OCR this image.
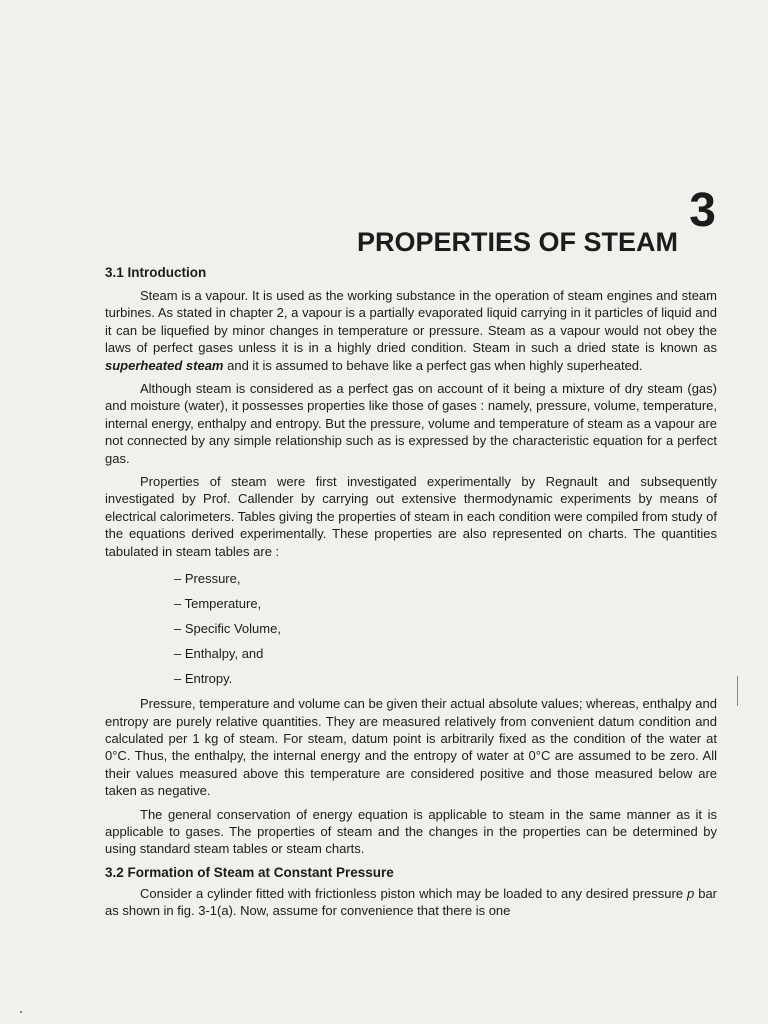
3
PROPERTIES OF STEAM
3.1 Introduction

Steam is a vapour. It is used as the working substance in the operation of steam engines and steam turbines. As stated in chapter 2, a vapour is a partially evaporated liquid carrying in it particles of liquid and it can be liquefied by minor changes in temperature or pressure. Steam as a vapour would not obey the laws of perfect gases unless it is in a highly dried condition. Steam in such a dried state is known as superheated steam and it is assumed to behave like a perfect gas when highly superheated.

Although steam is considered as a perfect gas on account of it being a mixture of dry steam (gas) and moisture (water), it possesses properties like those of gases : namely, pressure, volume, temperature, internal energy, enthalpy and entropy. But the pressure, volume and temperature of steam as a vapour are not connected by any simple relationship such as is expressed by the characteristic equation for a perfect gas.

Properties of steam were first investigated experimentally by Regnault and subsequently investigated by Prof. Callender by carrying out extensive thermodynamic experiments by means of electrical calorimeters. Tables giving the properties of steam in each condition were compiled from study of the equations derived experimentally. These properties are also represented on charts. The quantities tabulated in steam tables are :

– Pressure,
– Temperature,
– Specific Volume,
– Enthalpy, and
– Entropy.

Pressure, temperature and volume can be given their actual absolute values; whereas, enthalpy and entropy are purely relative quantities. They are measured relatively from convenient datum condition and calculated per 1 kg of steam. For steam, datum point is arbitrarily fixed as the condition of the water at 0°C. Thus, the enthalpy, the internal energy and the entropy of water at 0°C are assumed to be zero. All their values measured above this temperature are considered positive and those measured below are taken as negative.

The general conservation of energy equation is applicable to steam in the same manner as it is applicable to gases. The properties of steam and the changes in the properties can be determined by using standard steam tables or steam charts.

3.2 Formation of Steam at Constant Pressure

Consider a cylinder fitted with frictionless piston which may be loaded to any desired pressure p bar as shown in fig. 3-1(a). Now, assume for convenience that there is one
